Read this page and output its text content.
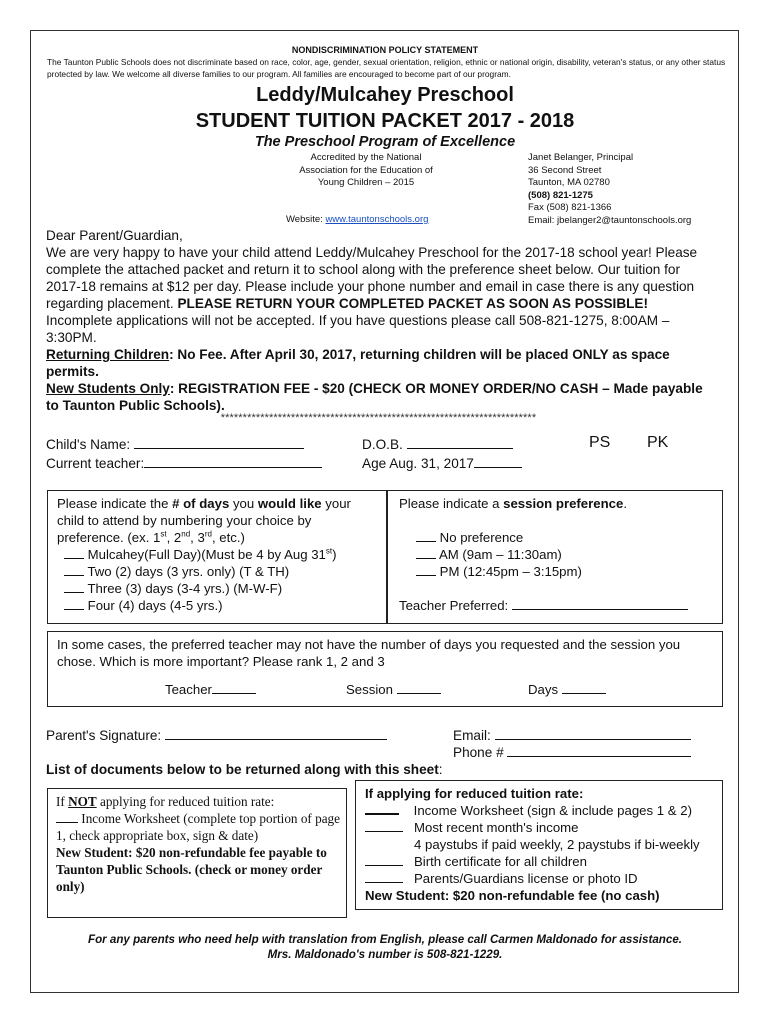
NONDISCRIMINATION POLICY STATEMENT
The Taunton Public Schools does not discriminate based on race, color, age, gender, sexual orientation, religion, ethnic or national origin, disability, veteran's status, or any other status protected by law. We welcome all diverse families to our program. All families are encouraged to become part of our program.
Leddy/Mulcahey Preschool
STUDENT TUITION PACKET 2017 - 2018
The Preschool Program of Excellence
Accredited by the National Association for the Education of Young Children – 2015
Janet Belanger, Principal
36 Second Street
Taunton, MA 02780
(508) 821-1275
Fax (508) 821-1366
Email: jbelanger2@tauntonschools.org
Website: www.tauntonschools.org
Dear Parent/Guardian,
We are very happy to have your child attend Leddy/Mulcahey Preschool for the 2017-18 school year! Please complete the attached packet and return it to school along with the preference sheet below. Our tuition for 2017-18 remains at $12 per day. Please include your phone number and email in case there is any question regarding placement. PLEASE RETURN YOUR COMPLETED PACKET AS SOON AS POSSIBLE!
Incomplete applications will not be accepted. If you have questions please call 508-821-1275, 8:00AM – 3:30PM.
Returning Children: No Fee. After April 30, 2017, returning children will be placed ONLY as space permits.
New Students Only: REGISTRATION FEE - $20 (CHECK OR MONEY ORDER/NO CASH – Made payable to Taunton Public Schools).
************************************************************************
Child's Name:	D.O.B.	PS PK
Current teacher:	Age Aug. 31, 2017
Please indicate the # of days you would like your child to attend by numbering your choice by preference. (ex. 1st, 2nd, 3rd, etc.)
Mulcahey(Full Day)(Must be 4 by Aug 31st)
Two (2) days (3 yrs. only) (T & TH)
Three (3) days (3-4 yrs.) (M-W-F)
Four (4) days (4-5 yrs.)
Please indicate a session preference.
No preference
AM (9am – 11:30am)
PM (12:45pm – 3:15pm)
Teacher Preferred:
In some cases, the preferred teacher may not have the number of days you requested and the session you chose. Which is more important? Please rank 1, 2 and 3
Teacher	Session	Days
Parent's Signature:	Email:
Phone #
List of documents below to be returned along with this sheet:
If NOT applying for reduced tuition rate:
Income Worksheet (complete top portion of page 1, check appropriate box, sign & date)
New Student: $20 non-refundable fee payable to Taunton Public Schools. (check or money order only)
If applying for reduced tuition rate:
Income Worksheet (sign & include pages 1 & 2)
Most recent month's income
4 paystubs if paid weekly, 2 paystubs if bi-weekly
Birth certificate for all children
Parents/Guardians license or photo ID
New Student: $20 non-refundable fee (no cash)
For any parents who need help with translation from English, please call Carmen Maldonado for assistance.
Mrs. Maldonado's number is 508-821-1229.
